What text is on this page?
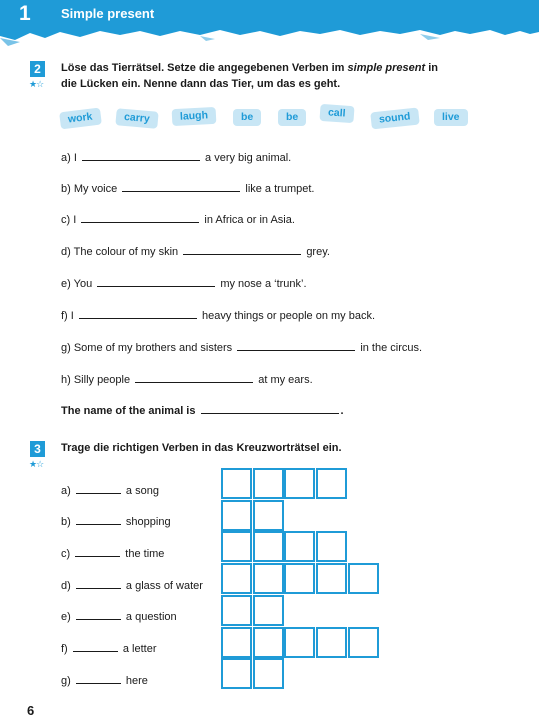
1 Simple present
2
★☆
Löse das Tierrätsel. Setze die angegebenen Verben im simple present in
die Lücken ein. Nenne dann das Tier, um das es geht.
work	carry	laugh	be	be	call	sound	live
a) I	a very big animal.
b) My voice	like a trumpet.
c) I	in Africa or in Asia.
d) The colour of my skin	grey.
e) You	my nose a ‘trunk’.
f) I	heavy things or people on my back.
g) Some of my brothers and sisters	in the circus.
h) Silly people	at my ears.
The name of the animal is	.
3
★☆
Trage die richtigen Verben in das Kreuzworträtsel ein.
a)	a song
b)	shopping
c)	the time
d)	a glass of water
e)	a question
f)	a letter
g)	here
6
